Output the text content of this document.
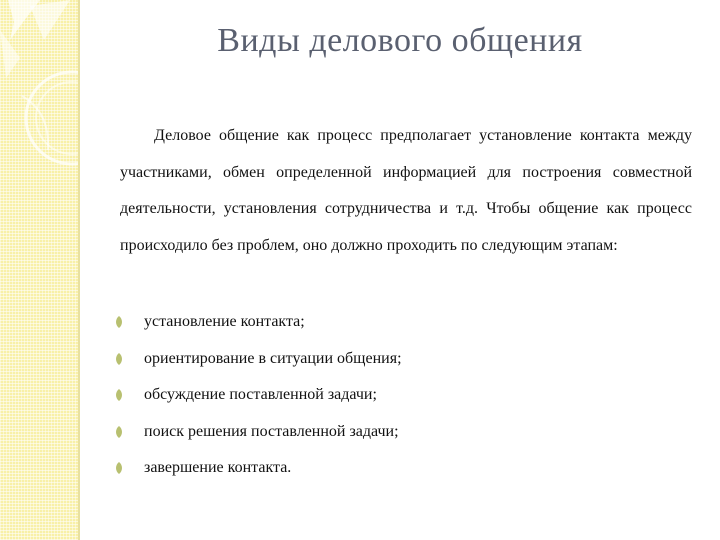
Виды делового общения

Деловое общение как процесс предполагает установление контакта между участниками, обмен определенной информацией для построения совместной деятельности, установления сотрудничества и т.д. Чтобы общение как процесс происходило без проблем, оно должно проходить по следующим этапам:

установление контакта;
ориентирование в ситуации общения;
обсуждение поставленной задачи;
поиск решения поставленной задачи;
завершение контакта.
